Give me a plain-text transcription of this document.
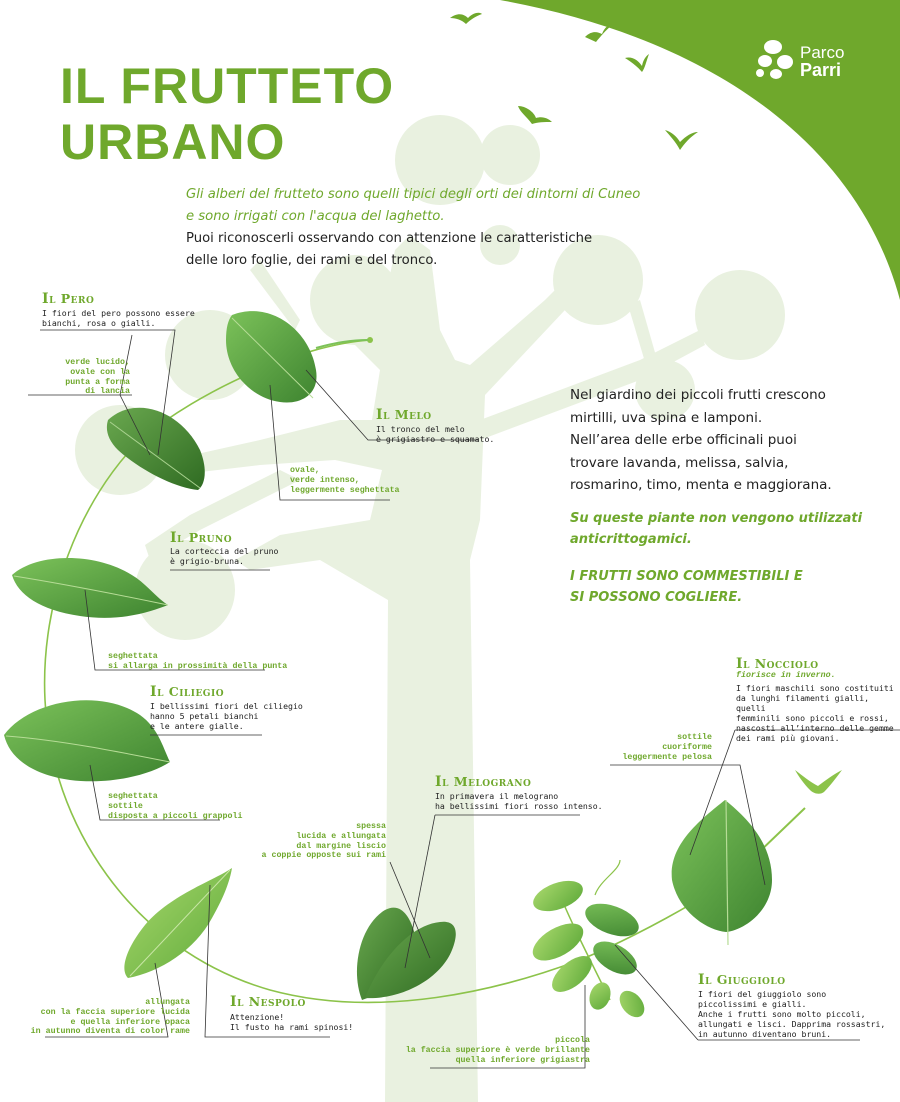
Parco
Parri
IL FRUTTETO
URBANO
Gli alberi del frutteto sono quelli tipici degli orti dei dintorni di Cuneo
e sono irrigati con l'acqua del laghetto.
Puoi riconoscerli osservando con attenzione le caratteristiche
delle loro foglie, dei rami e del tronco.
Nel giardino dei piccoli frutti crescono
mirtilli, uva spina e lamponi.
Nell’area delle erbe officinali puoi
trovare lavanda, melissa, salvia,
rosmarino, timo, menta e maggiorana.
Su queste piante non vengono utilizzati
anticrittogamici.
I FRUTTI SONO COMMESTIBILI E
SI POSSONO COGLIERE.
Il Pero
I fiori del pero possono essere
bianchi, rosa o gialli.
verde lucido,
ovale con la
punta a forma
di lancia
Il Melo
Il tronco del melo
è grigiastro e squamato.
ovale,
verde intenso,
leggermente seghettata
Il Pruno
La corteccia del pruno
è grigio-bruna.
seghettata
si allarga in prossimità della punta
Il Ciliegio
I bellissimi fiori del ciliegio
hanno 5 petali bianchi
e le antere gialle.
seghettata
sottile
disposta a piccoli grappoli
Il Nespolo
Attenzione!
Il fusto ha rami spinosi!
allungata
con la faccia superiore lucida
e quella inferiore opaca
in autunno diventa di color rame
Il Melograno
In primavera il melograno
ha bellissimi fiori rosso intenso.
spessa
lucida e allungata
dal margine liscio
a coppie opposte sui rami
Il Nocciolo
fiorisce in inverno.
I fiori maschili sono costituiti
da lunghi filamenti gialli, quelli
femminili sono piccoli e rossi,
nascosti all’interno delle gemme
dei rami più giovani.
sottile
cuoriforme
leggermente pelosa
Il Giuggiolo
I fiori del giuggiolo sono
piccolissimi e gialli.
Anche i frutti sono molto piccoli,
allungati e lisci. Dapprima rossastri,
in autunno diventano bruni.
piccola
la faccia superiore è verde brillante
quella inferiore grigiastra
